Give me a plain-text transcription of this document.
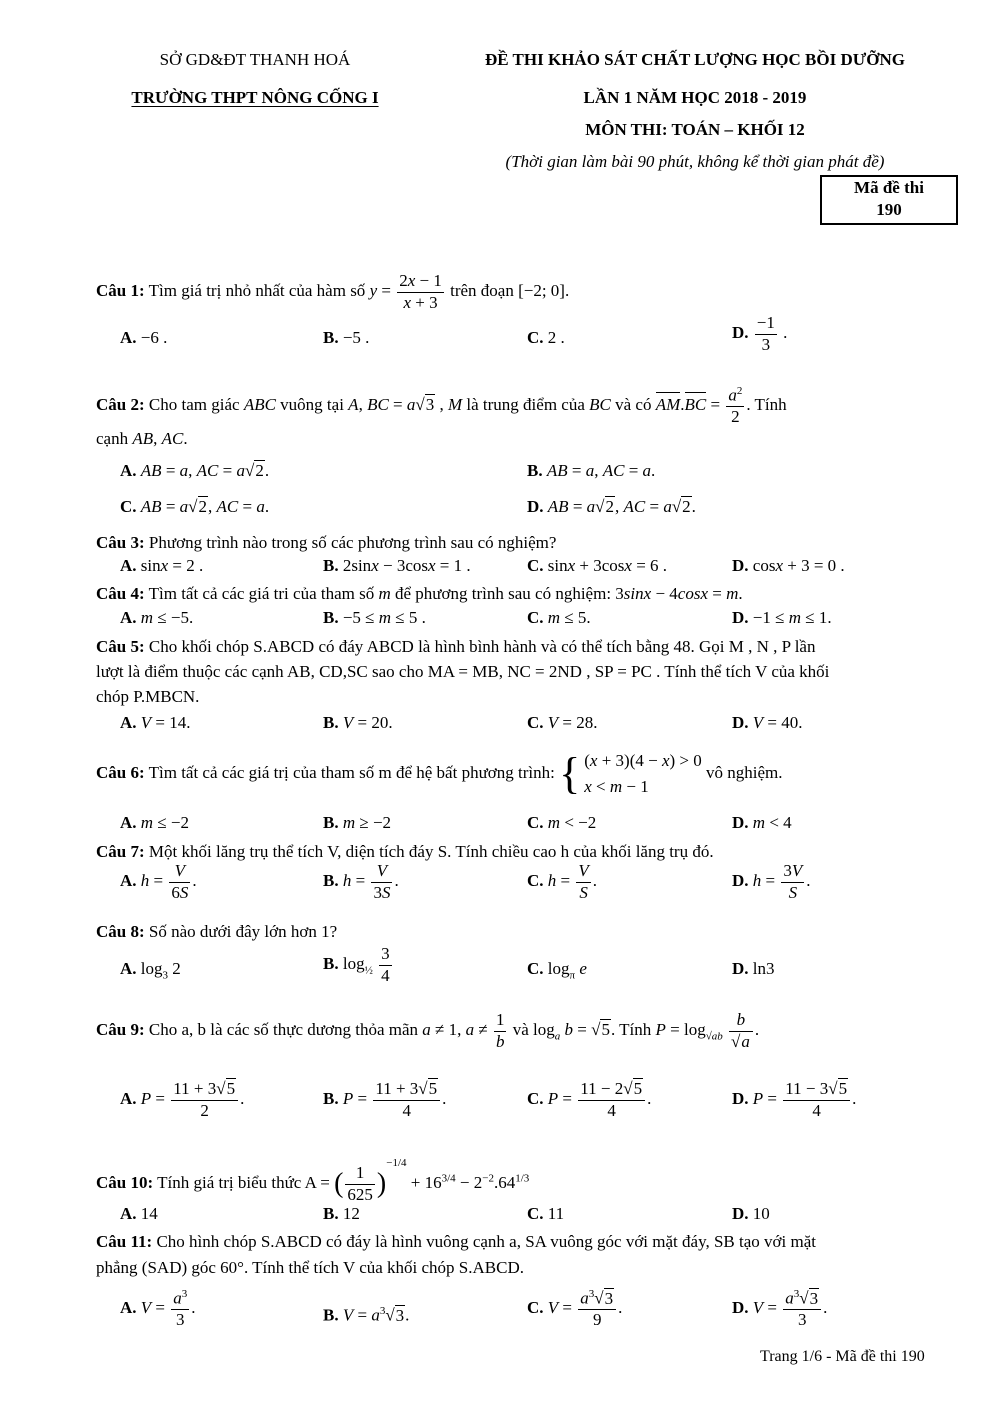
SỞ GD&ĐT THANH HOÁ
TRƯỜNG THPT NÔNG CỐNG I
ĐỀ THI KHẢO SÁT CHẤT LƯỢNG HỌC BỒI DƯỠNG
LẦN 1 NĂM HỌC 2018 - 2019
MÔN THI: TOÁN – KHỐI 12
(Thời gian làm bài 90 phút, không kể thời gian phát đề)
Mã đề thi
190
Câu 1: Tìm giá trị nhỏ nhất của hàm số $y = \frac{2x - 1}{x + 3}$ trên đoạn [−2; 0].
A. −6 .	B. −5 .	C. 2 .	D. $\frac{-1}{3}$ .
Câu 2: Cho tam giác ABC vuông tại A, BC = a√3 , M là trung điểm của BC và có $AM.BC = \frac{a^2}{2}$ . Tính
cạnh AB, AC.
A. AB = a, AC = a√2.	B. AB = a, AC = a.
C. AB = a√2, AC = a.	D. AB = a√2, AC = a√2.
Câu 3: Phương trình nào trong số các phương trình sau có nghiệm?
A. sinx = 2 .	B. 2sinx − 3cosx = 1 .	C. sinx + 3cosx = 6 .	D. cosx + 3 = 0 .
Câu 4: Tìm tất cả các giá tri của tham số m để phương trình sau có nghiệm: 3sinx − 4cosx = m.
A. m ≤ −5.	B. −5 ≤ m ≤ 5 .	C. m ≤ 5.	D. −1 ≤ m ≤ 1.
Câu 5: Cho khối chóp S.ABCD có đáy ABCD là hình bình hành và có thể tích bằng 48. Gọi M , N , P lần
lượt là điểm thuộc các cạnh AB, CD,SC sao cho MA = MB, NC = 2ND , SP = PC . Tính thể tích V của khối
chóp P.MBCN.
A. V = 14.	B. V = 20.	C. V = 28.	D. V = 40.
Câu 6: Tìm tất cả các giá trị của tham số m để hệ bất phương trình: { (x + 3)(4 − x) > 0
x < m − 1
vô nghiệm.
A. m ≤ −2	B. m ≥ −2	C. m < −2	D. m < 4
Câu 7: Một khối lăng trụ thể tích V, diện tích đáy S. Tính chiều cao h của khối lăng trụ đó.
A. $h = \frac{V}{6S}$ .	B. $h = \frac{V}{3S}$ .	C. $h = \frac{V}{S}$ .	D. $h = \frac{3V}{S}$ .
Câu 8: Số nào dưới đây lớn hơn 1?
A. $\log_3 2$	B. $\log_{\frac{1}{2}} \frac{3}{4}$	C. $\log_\pi e$	D. ln3
Câu 9: Cho a, b là các số thực dương thỏa mãn a ≠ 1, $a \ne \frac{1}{b}$ và $\log_a b = √5$. Tính $P = \log_{√ab} \frac{b}{√a}$ .
A. $P = \frac{11 + 3√5}{2}$ .	B. $P = \frac{11 + 3√5}{4}$ .	C. $P = \frac{11 - 2√5}{4}$ .	D. $P = \frac{11 - 3√5}{4}$ .
Câu 10: Tính giá trị biểu thức A = ( $\frac{1}{625} )^{-1/4} + 16^{3/4} - 2^{-2}.64^{1/3}$
A. 14	B. 12	C. 11	D. 10
Câu 11: Cho hình chóp S.ABCD có đáy là hình vuông cạnh a, SA vuông góc với mặt đáy, SB tạo với mặt
phẳng (SAD) góc 60°. Tính thể tích V của khối chóp S.ABCD.
A. $V = \frac{a^3}{3}$ .	B. $V = a^3√3$.	C. $V = \frac{a^3√3}{9}$ .	D. $V = \frac{a^3√3}{3}$ .
Trang 1/6 - Mã đề thi 190
